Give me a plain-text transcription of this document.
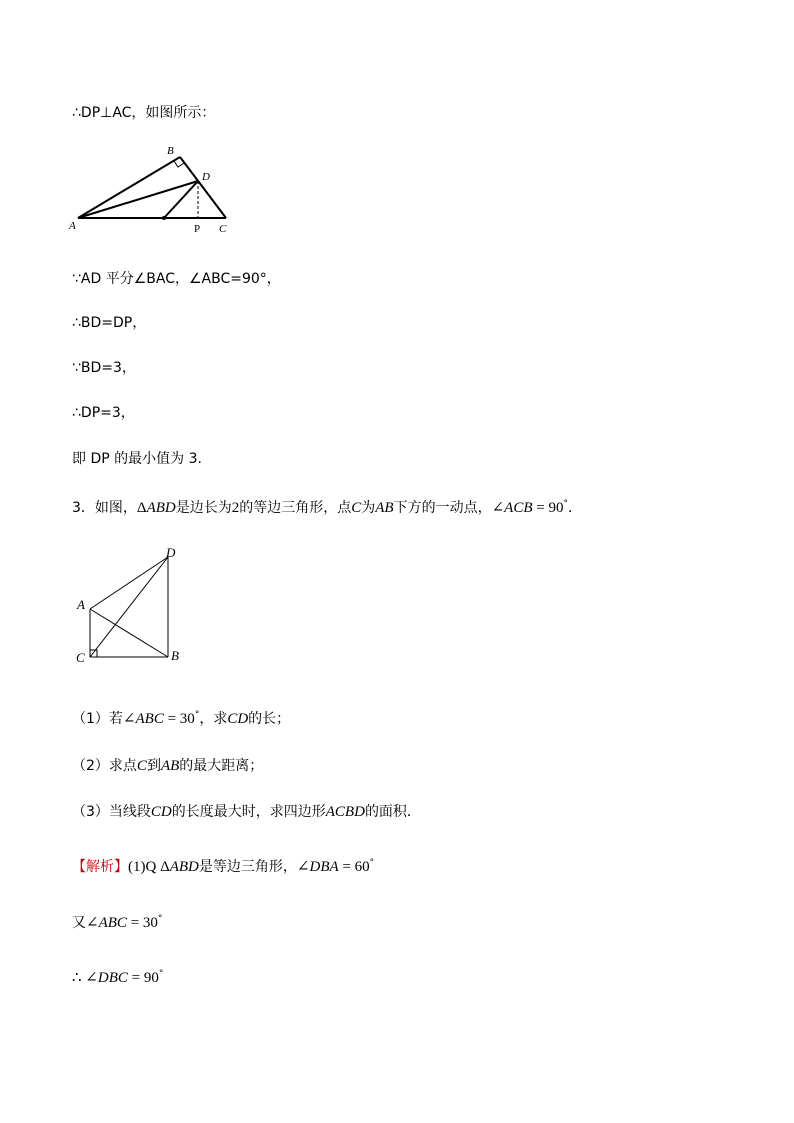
∴DP⊥AC，如图所示：
A
B
D
P C
∵AD 平分∠BAC，∠ABC=90°，
∴BD=DP，
∵BD=3，
∴DP=3，
即 DP 的最小值为 3．
3．如图，ΔABD是边长为2的等边三角形，点C为AB下方的一动点，∠ACB = 90°．
A
C	B
D
（1）若∠ABC = 30°，求CD的长；
（2）求点C到AB的最大距离；
（3）当线段CD的长度最大时，求四边形ACBD的面积．
【解析】(1)Q ΔABD是等边三角形，∠DBA = 60°
又∠ABC = 30°
∴ ∠DBC = 90°
